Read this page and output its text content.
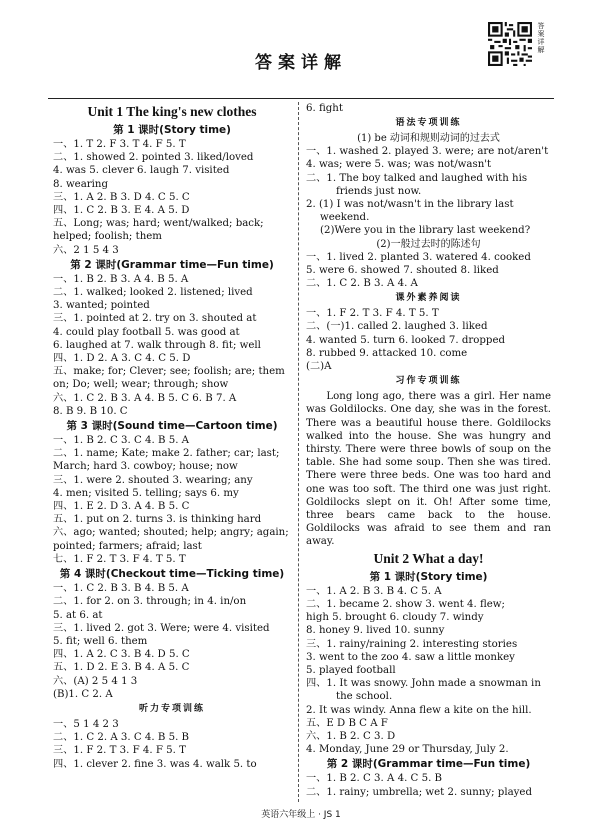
答案详解
答案详解
Unit 1 The king's new clothes
第 1 课时(Story time)
一、1. T 2. F 3. T 4. F 5. T
二、1. showed 2. pointed 3. liked/loved
4. was 5. clever 6. laugh 7. visited
8. wearing
三、1. A 2. B 3. D 4. C 5. C
四、1. C 2. B 3. E 4. A 5. D
五、Long; was; hard; went/walked; back;
helped; foolish; them
六、2 1 5 4 3
第 2 课时(Grammar time—Fun time)
一、1. B 2. B 3. A 4. B 5. A
二、1. walked; looked 2. listened; lived
3. wanted; pointed
三、1. pointed at 2. try on 3. shouted at
4. could play football 5. was good at
6. laughed at 7. walk through 8. fit; well
四、1. D 2. A 3. C 4. C 5. D
五、make; for; Clever; see; foolish; are; them
on; Do; well; wear; through; show
六、1. C 2. B 3. A 4. B 5. C 6. B 7. A
8. B 9. B 10. C
第 3 课时(Sound time—Cartoon time)
一、1. B 2. C 3. C 4. B 5. A
二、1. name; Kate; make 2. father; car; last;
March; hard 3. cowboy; house; now
三、1. were 2. shouted 3. wearing; any
4. men; visited 5. telling; says 6. my
四、1. E 2. D 3. A 4. B 5. C
五、1. put on 2. turns 3. is thinking hard
六、ago; wanted; shouted; help; angry; again;
pointed; farmers; afraid; last
七、1. F 2. T 3. F 4. T 5. T
第 4 课时(Checkout time—Ticking time)
一、1. C 2. B 3. B 4. B 5. A
二、1. for 2. on 3. through; in 4. in/on
5. at 6. at
三、1. lived 2. got 3. Were; were 4. visited
5. fit; well 6. them
四、1. A 2. C 3. B 4. D 5. C
五、1. D 2. E 3. B 4. A 5. C
六、(A) 2 5 4 1 3
(B)1. C 2. A
听力专项训练
一、5 1 4 2 3
二、1. C 2. A 3. C 4. B 5. B
三、1. F 2. T 3. F 4. F 5. T
四、1. clever 2. fine 3. was 4. walk 5. to
6. fight
语法专项训练
(1) be 动词和规则动词的过去式
一、1. washed 2. played 3. were; are not/aren't
4. was; were 5. was; was not/wasn't
二、1. The boy talked and laughed with his
friends just now.
2. (1) I was not/wasn't in the library last
weekend.
(2)Were you in the library last weekend?
(2)一般过去时的陈述句
一、1. lived 2. planted 3. watered 4. cooked
5. were 6. showed 7. shouted 8. liked
二、1. C 2. B 3. A 4. A
课外素养阅读
一、1. F 2. T 3. F 4. T 5. T
二、(一)1. called 2. laughed 3. liked
4. wanted 5. turn 6. looked 7. dropped
8. rubbed 9. attacked 10. come
(二)A
习作专项训练
Long long ago, there was a girl. Her name was Goldilocks. One day, she was in the forest. There was a beautiful house there. Goldilocks walked into the house. She was hungry and thirsty. There were three bowls of soup on the table. She had some soup. Then she was tired. There were three beds. One was too hard and one was too soft. The third one was just right. Goldilocks slept on it. Oh! After some time, three bears came back to the house. Goldilocks was afraid to see them and ran away.
Unit 2 What a day!
第 1 课时(Story time)
一、1. A 2. B 3. B 4. C 5. A
二、1. became 2. show 3. went 4. flew;
high 5. brought 6. cloudy 7. windy
8. honey 9. lived 10. sunny
三、1. rainy/raining 2. interesting stories
3. went to the zoo 4. saw a little monkey
5. played football
四、1. It was snowy. John made a snowman in
the school.
2. It was windy. Anna flew a kite on the hill.
五、E D B C A F
六、1. B 2. C 3. D
4. Monday, June 29 or Thursday, July 2.
第 2 课时(Grammar time—Fun time)
一、1. B 2. C 3. A 4. C 5. B
二、1. rainy; umbrella; wet 2. sunny; played
英语六年级上 · JS 1
